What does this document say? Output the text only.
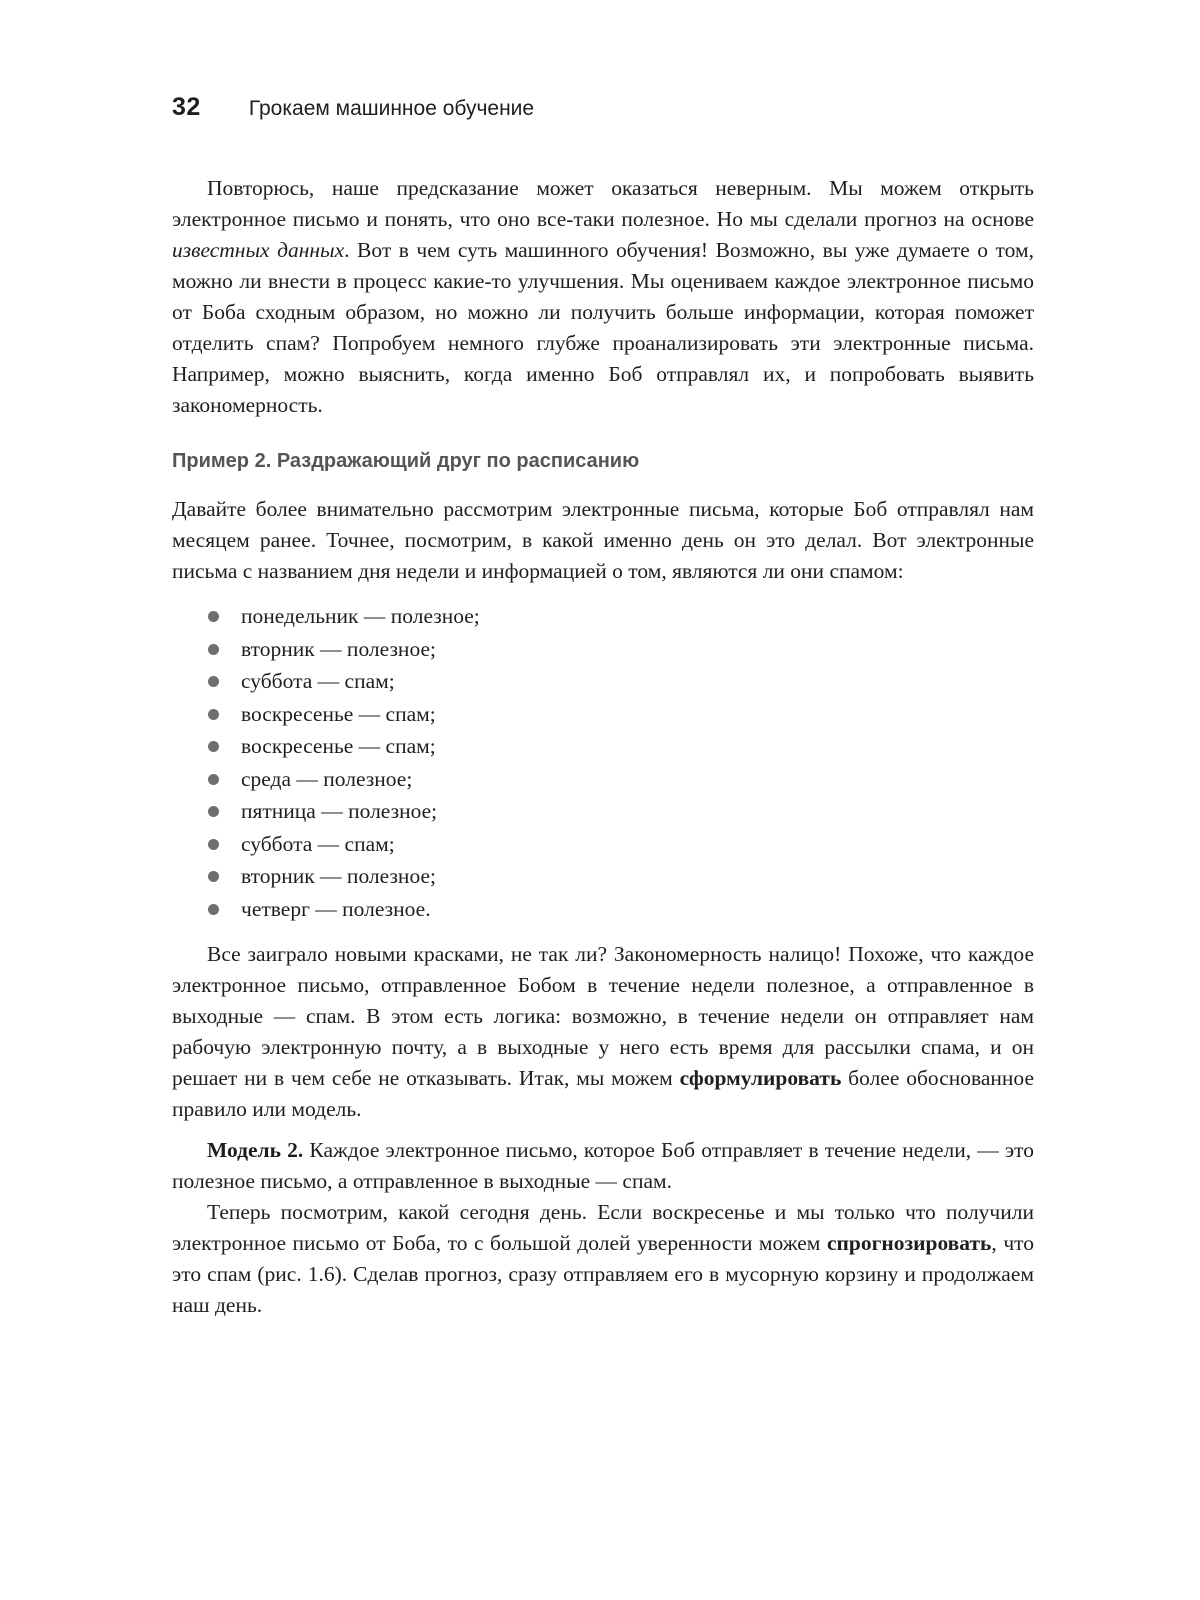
32 Грокаем машинное обучение

Повторюсь, наше предсказание может оказаться неверным. Мы можем открыть электронное письмо и понять, что оно все-таки полезное. Но мы сделали прогноз на основе известных данных. Вот в чем суть машинного обучения! Возможно, вы уже думаете о том, можно ли внести в процесс какие-то улучшения. Мы оцениваем каждое электронное письмо от Боба сходным образом, но можно ли получить больше информации, которая поможет отделить спам? Попробуем немного глубже проанализировать эти электронные письма. Например, можно выяснить, когда именно Боб отправлял их, и попробовать выявить закономерность.

Пример 2. Раздражающий друг по расписанию

Давайте более внимательно рассмотрим электронные письма, которые Боб отправлял нам месяцем ранее. Точнее, посмотрим, в какой именно день он это делал. Вот электронные письма с названием дня недели и информацией о том, являются ли они спамом:

понедельник — полезное;
вторник — полезное;
суббота — спам;
воскресенье — спам;
воскресенье — спам;
среда — полезное;
пятница — полезное;
суббота — спам;
вторник — полезное;
четверг — полезное.

Все заиграло новыми красками, не так ли? Закономерность налицо! Похоже, что каждое электронное письмо, отправленное Бобом в течение недели полезное, а отправленное в выходные — спам. В этом есть логика: возможно, в течение недели он отправляет нам рабочую электронную почту, а в выходные у него есть время для рассылки спама, и он решает ни в чем себе не отказывать. Итак, мы можем сформулировать более обоснованное правило или модель.

Модель 2. Каждое электронное письмо, которое Боб отправляет в течение недели, — это полезное письмо, а отправленное в выходные — спам.

Теперь посмотрим, какой сегодня день. Если воскресенье и мы только что получили электронное письмо от Боба, то с большой долей уверенности можем спрогнозировать, что это спам (рис. 1.6). Сделав прогноз, сразу отправляем его в мусорную корзину и продолжаем наш день.
